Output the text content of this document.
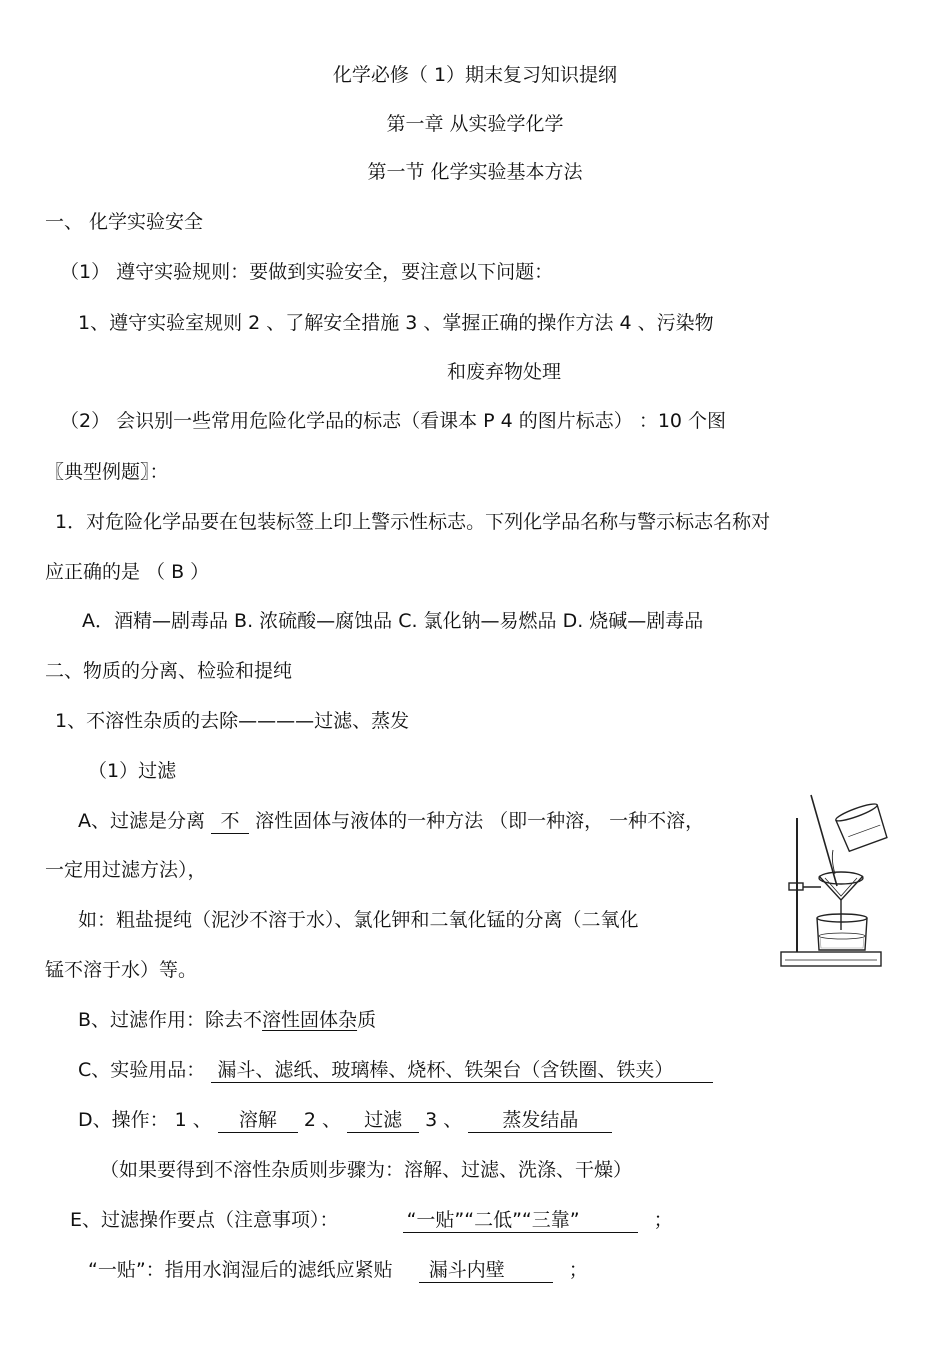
化学必修（ 1）期末复习知识提纲
第一章 从实验学化学
第一节 化学实验基本方法
一、 化学实验安全
（1） 遵守实验规则：要做到实验安全，要注意以下问题：
1、遵守实验室规则 2 、了解安全措施 3 、掌握正确的操作方法 4 、污染物
和废弃物处理
（2） 会识别一些常用危险化学品的标志（看课本 P 4 的图片标志） ：10 个图
〖典型例题〗：
1．对危险化学品要在包装标签上印上警示性标志。下列化学品名称与警示标志名称对
应正确的是 （ B ）
A．酒精—剧毒品 B. 浓硫酸—腐蚀品 C. 氯化钠—易燃品 D. 烧碱—剧毒品
二、物质的分离、检验和提纯
1、不溶性杂质的去除————过滤、蒸发
（1）过滤
A、过滤是分离 不 溶性固体与液体的一种方法 （即一种溶， 一种不溶，
一定用过滤方法），
如：粗盐提纯（泥沙不溶于水）、氯化钾和二氧化锰的分离（二氧化
锰不溶于水）等。
B、过滤作用：除去不溶性固体杂质
C、实验用品： 漏斗、滤纸、玻璃棒、烧杯、铁架台（含铁圈、铁夹）
D、操作： 1 、 溶解 2 、 过滤 3 、 蒸发结晶
（如果要得到不溶性杂质则步骤为：溶解、过滤、洗涤、干燥）
E、过滤操作要点（注意事项）：	“一贴”“二低”“三靠”	；
“一贴”：指用水润湿后的滤纸应紧贴 漏斗内壁	；
